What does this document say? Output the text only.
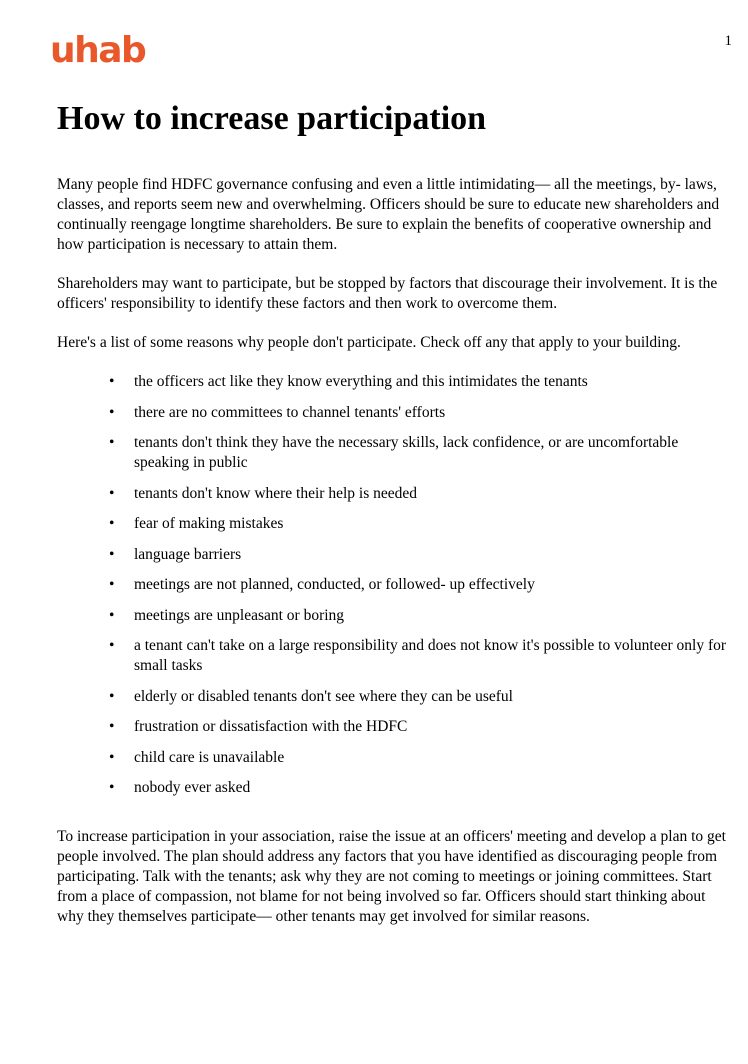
uhab	1
How to increase participation

Many people find HDFC governance confusing and even a little intimidating— all the meetings, by- laws, classes, and reports seem new and overwhelming. Officers should be sure to educate new shareholders and continually reengage longtime shareholders. Be sure to explain the benefits of cooperative ownership and how participation is necessary to attain them.

Shareholders may want to participate, but be stopped by factors that discourage their involvement. It is the officers' responsibility to identify these factors and then work to overcome them.

Here's a list of some reasons why people don't participate. Check off any that apply to your building.

• the officers act like they know everything and this intimidates the tenants
• there are no committees to channel tenants' efforts
• tenants don't think they have the necessary skills, lack confidence, or are uncomfortable speaking in public
• tenants don't know where their help is needed
• fear of making mistakes
• language barriers
• meetings are not planned, conducted, or followed- up effectively
• meetings are unpleasant or boring
• a tenant can't take on a large responsibility and does not know it's possible to volunteer only for small tasks
• elderly or disabled tenants don't see where they can be useful
• frustration or dissatisfaction with the HDFC
• child care is unavailable
• nobody ever asked

To increase participation in your association, raise the issue at an officers' meeting and develop a plan to get people involved. The plan should address any factors that you have identified as discouraging people from participating. Talk with the tenants; ask why they are not coming to meetings or joining committees. Start from a place of compassion, not blame for not being involved so far. Officers should start thinking about why they themselves participate— other tenants may get involved for similar reasons.
